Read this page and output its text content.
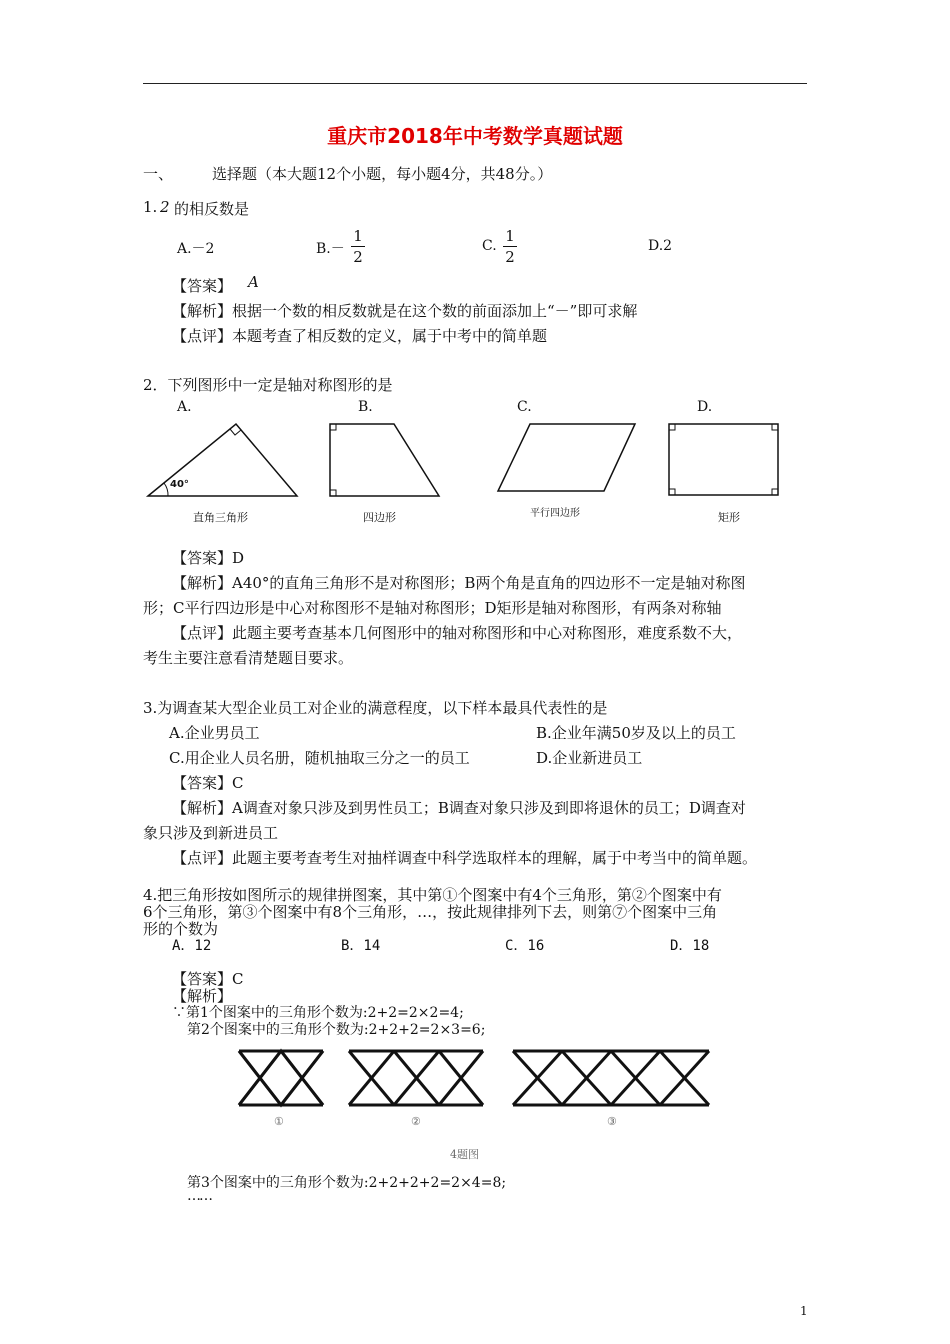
重庆市2018年中考数学真题试题
一、	选择题（本大题12个小题，每小题4分，共48分。）
1. 2 的相反数是
A.－2	B.－
1
2
C.
1
2
D.2
【答案】 A
【解析】根据一个数的相反数就是在这个数的前面添加上“－”即可求解
【点评】本题考查了相反数的定义，属于中考中的简单题
2．下列图形中一定是轴对称图形的是
A.	B.	C.	D.
40°
直角三角形	四边形	平行四边形	矩形
【答案】D
【解析】A40°的直角三角形不是对称图形；B两个角是直角的四边形不一定是轴对称图
形；C平行四边形是中心对称图形不是轴对称图形；D矩形是轴对称图形，有两条对称轴
【点评】此题主要考查基本几何图形中的轴对称图形和中心对称图形，难度系数不大，
考生主要注意看清楚题目要求。
3.为调查某大型企业员工对企业的满意程度，以下样本最具代表性的是
A.企业男员工	B.企业年满50岁及以上的员工
C.用企业人员名册，随机抽取三分之一的员工	D.企业新进员工
【答案】C
【解析】A调查对象只涉及到男性员工；B调查对象只涉及到即将退休的员工；D调查对
象只涉及到新进员工
【点评】此题主要考查考生对抽样调查中科学选取样本的理解，属于中考当中的简单题。
4.把三角形按如图所示的规律拼图案，其中第①个图案中有4个三角形，第②个图案中有
6个三角形，第③个图案中有8个三角形，…，按此规律排列下去，则第⑦个图案中三角
形的个数为
A．12	B．14	C．16	D．18
【答案】C
【解析】
∵第1个图案中的三角形个数为:2+2=2×2=4;
第2个图案中的三角形个数为:2+2+2=2×3=6;
①	②	③
4题图
第3个图案中的三角形个数为:2+2+2+2=2×4=8;
……
1
